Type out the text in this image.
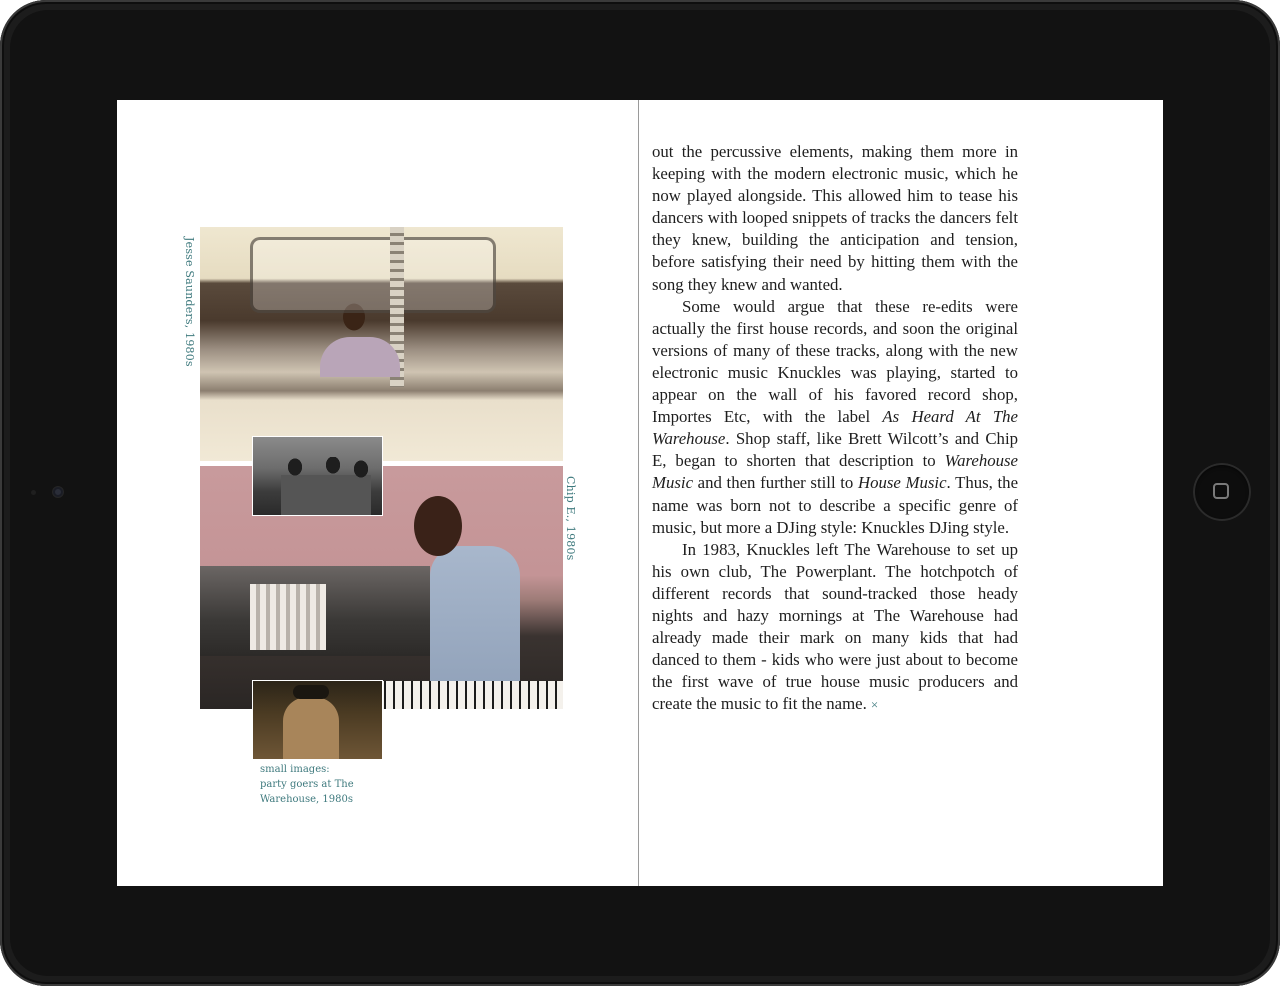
Jesse Saunders, 1980s
Chip E., 1980s
small images:
party goers at The
Warehouse, 1980s

out the percussive elements, making them more in keeping with the modern electronic music, which he now played alongside. This allowed him to tease his dancers with looped snippets of tracks the dancers felt they knew, building the anticipation and tension, before satisfying their need by hitting them with the song they knew and wanted.

Some would argue that these re-edits were actually the first house records, and soon the original versions of many of these tracks, along with the new electronic music Knuckles was playing, started to appear on the wall of his favored record shop, Importes Etc, with the label As Heard At The Warehouse. Shop staff, like Brett Wilcott’s and Chip E, began to shorten that description to Warehouse Music and then further still to House Music. Thus, the name was born not to describe a specific genre of music, but more a DJing style: Knuckles DJing style.

In 1983, Knuckles left The Warehouse to set up his own club, The Powerplant. The hotchpotch of different records that sound-tracked those heady nights and hazy mornings at The Warehouse had already made their mark on many kids that had danced to them - kids who were just about to become the first wave of true house music producers and create the music to fit the name. ×
